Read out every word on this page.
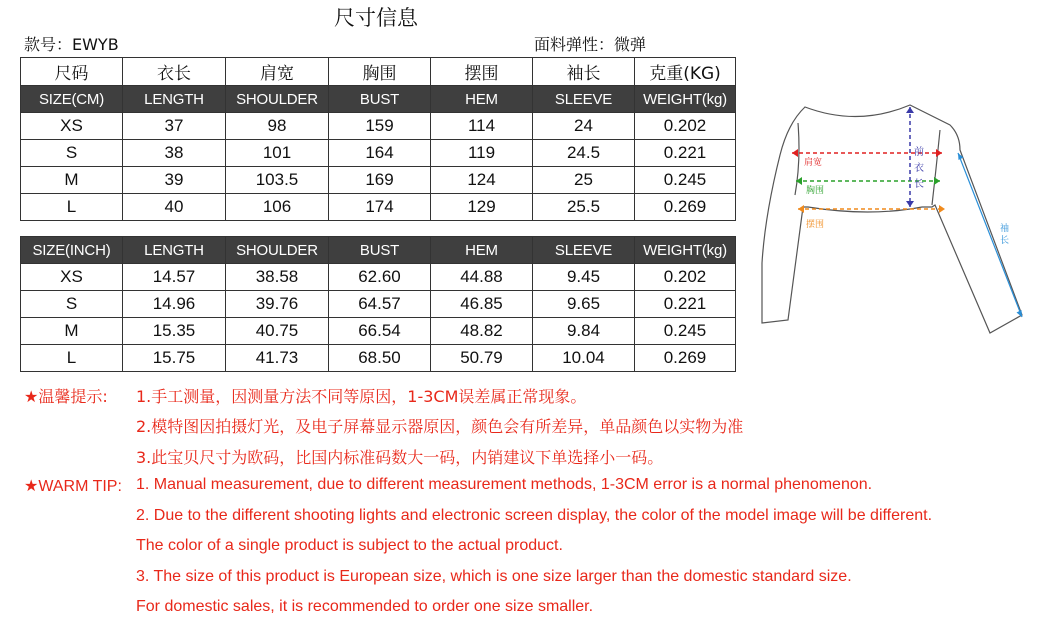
尺寸信息
款号：EWYB	面料弹性：微弹
尺码	衣长	肩宽	胸围	摆围	袖长	克重(KG)
SIZE(CM)	LENGTH	SHOULDER	BUST	HEM	SLEEVE	WEIGHT(kg)
XS	37	98	159	114	24	0.202
S	38	101	164	119	24.5	0.221
M	39	103.5	169	124	25	0.245
L	40	106	174	129	25.5	0.269
SIZE(INCH)	LENGTH	SHOULDER	BUST	HEM	SLEEVE	WEIGHT(kg)
XS	14.57	38.58	62.60	44.88	9.45	0.202
S	14.96	39.76	64.57	46.85	9.65	0.221
M	15.35	40.75	66.54	48.82	9.84	0.245
L	15.75	41.73	68.50	50.79	10.04	0.269
★温馨提示: 1.手工测量，因测量方法不同等原因，1-3CM误差属正常现象。
2.模特图因拍摄灯光，及电子屏幕显示器原因，颜色会有所差异，单品颜色以实物为准
3.此宝贝尺寸为欧码，比国内标准码数大一码，内销建议下单选择小一码。
★WARM TIP: 1. Manual measurement, due to different measurement methods, 1-3CM error is a normal phenomenon.
2. Due to the different shooting lights and electronic screen display, the color of the model image will be different.
The color of a single product is subject to the actual product.
3. The size of this product is European size, which is one size larger than the domestic standard size.
For domestic sales, it is recommended to order one size smaller.
肩宽
胸围
摆围
前
衣
长
袖
长
